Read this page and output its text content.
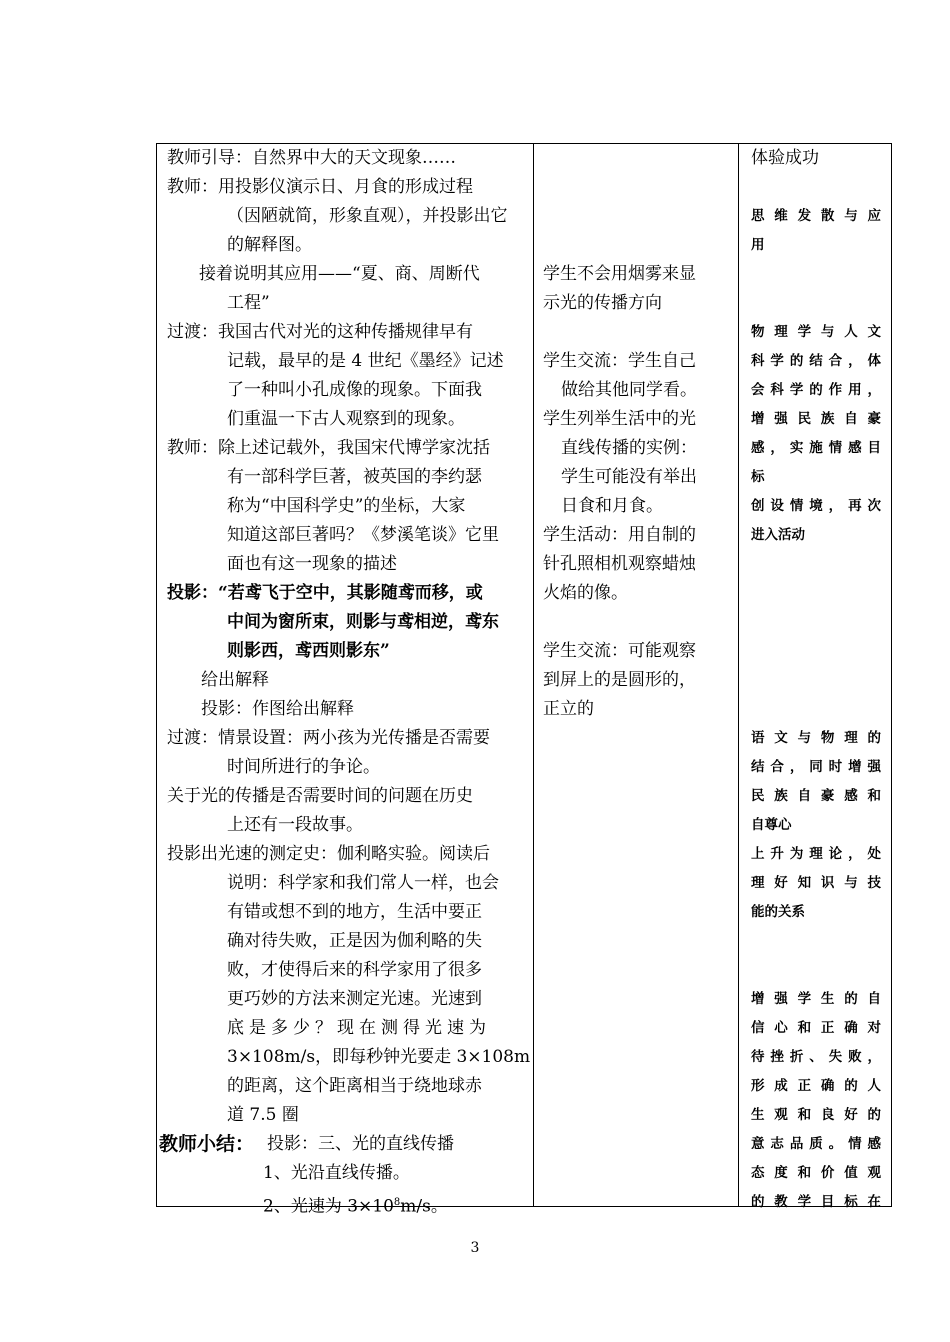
教师引导：自然界中大的天文现象……
教师：用投影仪演示日、月食的形成过程
（因陋就简，形象直观），并投影出它
的解释图。
接着说明其应用——“夏、商、周断代
工程”
过渡：我国古代对光的这种传播规律早有
记载，最早的是 4 世纪《墨经》记述
了一种叫小孔成像的现象。下面我
们重温一下古人观察到的现象。
教师：除上述记载外，我国宋代博学家沈括
有一部科学巨著，被英国的李约瑟
称为“中国科学史”的坐标，大家
知道这部巨著吗？《梦溪笔谈》它里
面也有这一现象的描述
投影：“若鸢飞于空中，其影随鸢而移，或
中间为窗所束，则影与鸢相逆，鸢东
则影西，鸢西则影东”
给出解释
投影：作图给出解释
过渡：情景设置：两小孩为光传播是否需要
时间所进行的争论。
关于光的传播是否需要时间的问题在历史
上还有一段故事。
投影出光速的测定史：伽利略实验。阅读后
说明：科学家和我们常人一样，也会
有错或想不到的地方，生活中要正
确对待失败，正是因为伽利略的失
败，才使得后来的科学家用了很多
更巧妙的方法来测定光速。光速到
底是多少？现在测得光速为
3×108m/s，即每秒钟光要走 3×108m
的距离，这个距离相当于绕地球赤
道 7.5 圈
教师小结： 投影：三、光的直线传播
1、光沿直线传播。
2、光速为 $3\times 10^8m/s$。
学生不会用烟雾来显
示光的传播方向
学生交流：学生自己
做给其他同学看。
学生列举生活中的光
直线传播的实例：
学生可能没有举出
日食和月食。
学生活动：用自制的
针孔照相机观察蜡烛
火焰的像。
学生交流：可能观察
到屏上的是圆形的，
正立的
体验成功
思维发散与应
用
物理学与人文
科学的结合，体
会科学的作用，
增强民族自豪
感，实施情感目
标
创设情境，再次
进入活动
语文与物理的
结合，同时增强
民族自豪感和
自尊心
上升为理论，处
理好知识与技
能的关系
增强学生的自
信心和正确对
待挫折、失败，
形成正确的人
生观和良好的
意志品质。情感
态度和价值观
的教学目标在
3
